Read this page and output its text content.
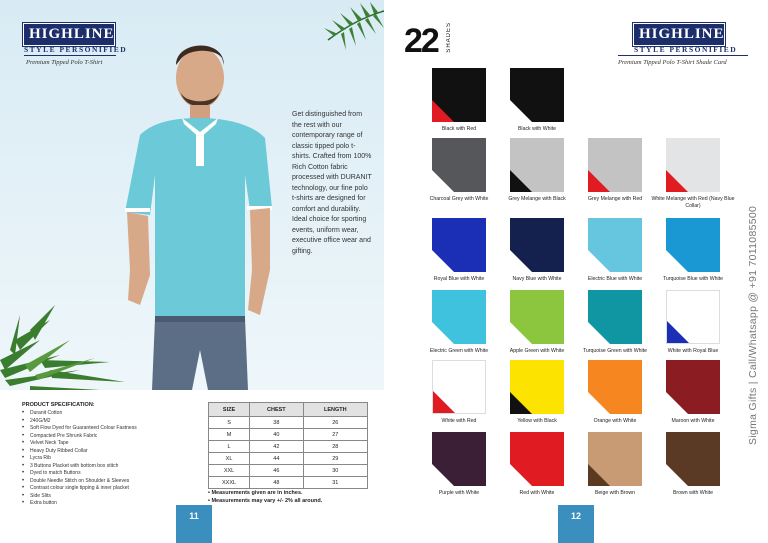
Get distinguished from the rest with our contemporary range of classic tipped polo t-shirts. Crafted from 100% Rich Cotton fabric processed with DURANIT technology, our fine polo t-shirts are designed for comfort and durability. Ideal choice for sporting events, uniform wear, executive office wear and gifting.

HIGHLINE
STYLE PERSONIFIED
Premium Tipped Polo T-Shirt
PRODUCT SPECIFICATION:
• Duranit Cotton
• 240G/M2
• Soft Flow Dyed for Guaranteed Colour Fastness
• Compacted Pre Shrunk Fabric
• Velvet Neck Tape
• Heavy Duty Ribbed Collar
• Lycra Rib
• 3 Buttons Placket with bottom box stitch
• Dyed to match Buttons
• Double Needle Stitch on Shoulder & Sleeves
• Contrast colour single tipping & inner placket
• Side Slits
• Extra button
SIZE	CHEST	LENGTH
S	38	26
M	40	27
L	42	28
XL	44	29
XXL	46	30
XXXL	48	31
• Measurements given are in inches.
• Measurements may vary +/- 2% all around.
11
22 SHADES	HIGHLINE
STYLE PERSONIFIED
Premium Tipped Polo T-Shirt Shade Card
Black with Red	Black with White
Charcoal Grey with White	Grey Melange with Black	Grey Melange with Red	White Melange with Red (Navy Blue Collar)
Royal Blue with White	Navy Blue with White	Electric Blue with White	Turquoise Blue with White
Electric Green with White	Apple Green with White	Turquoise Green with White	White with Royal Blue
White with Red	Yellow with Black	Orange with White	Maroon with White
Purple with White	Red with White	Beige with Brown	Brown with White
12
Sigma Gifts | Call/Whatsapp @ +91 7011085500
